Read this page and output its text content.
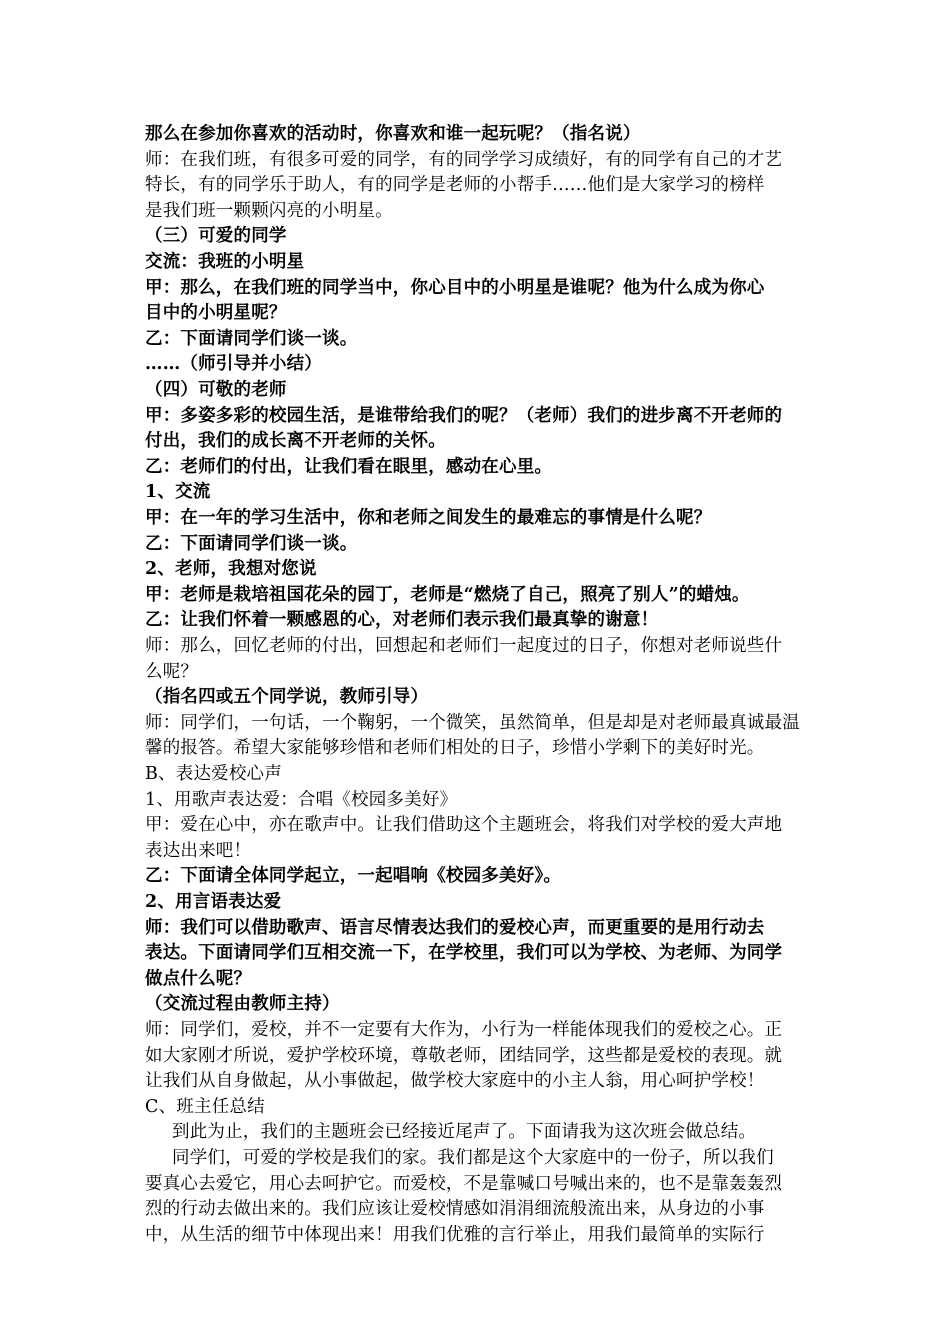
那么在参加你喜欢的活动时，你喜欢和谁一起玩呢？（指名说）
师：在我们班，有很多可爱的同学，有的同学学习成绩好，有的同学有自己的才艺
特长，有的同学乐于助人，有的同学是老师的小帮手……他们是大家学习的榜样
是我们班一颗颗闪亮的小明星。
（三）可爱的同学
交流：我班的小明星
甲：那么，在我们班的同学当中，你心目中的小明星是谁呢？他为什么成为你心
目中的小明星呢？
乙：下面请同学们谈一谈。
……（师引导并小结）
（四）可敬的老师
甲：多姿多彩的校园生活，是谁带给我们的呢？（老师）我们的进步离不开老师的
付出，我们的成长离不开老师的关怀。
乙：老师们的付出，让我们看在眼里，感动在心里。
1、交流
甲：在一年的学习生活中，你和老师之间发生的最难忘的事情是什么呢？
乙：下面请同学们谈一谈。
2、老师，我想对您说
甲：老师是栽培祖国花朵的园丁，老师是“燃烧了自己，照亮了别人”的蜡烛。
乙：让我们怀着一颗感恩的心，对老师们表示我们最真挚的谢意！
师：那么，回忆老师的付出，回想起和老师们一起度过的日子，你想对老师说些什
么呢？
（指名四或五个同学说，教师引导）
师：同学们，一句话，一个鞠躬，一个微笑，虽然简单，但是却是对老师最真诚最温
馨的报答。希望大家能够珍惜和老师们相处的日子，珍惜小学剩下的美好时光。
B、表达爱校心声
1、用歌声表达爱：合唱《校园多美好》
甲：爱在心中，亦在歌声中。让我们借助这个主题班会，将我们对学校的爱大声地
表达出来吧！
乙：下面请全体同学起立，一起唱响《校园多美好》。
2、用言语表达爱
师：我们可以借助歌声、语言尽情表达我们的爱校心声，而更重要的是用行动去
表达。下面请同学们互相交流一下，在学校里，我们可以为学校、为老师、为同学
做点什么呢？
（交流过程由教师主持）
师：同学们，爱校，并不一定要有大作为，小行为一样能体现我们的爱校之心。正
如大家刚才所说，爱护学校环境，尊敬老师，团结同学，这些都是爱校的表现。就
让我们从自身做起，从小事做起，做学校大家庭中的小主人翁，用心呵护学校！
C、班主任总结
到此为止，我们的主题班会已经接近尾声了。下面请我为这次班会做总结。
同学们，可爱的学校是我们的家。我们都是这个大家庭中的一份子，所以我们
要真心去爱它，用心去呵护它。而爱校，不是靠喊口号喊出来的，也不是靠轰轰烈
烈的行动去做出来的。我们应该让爱校情感如涓涓细流般流出来，从身边的小事
中，从生活的细节中体现出来！用我们优雅的言行举止，用我们最简单的实际行
